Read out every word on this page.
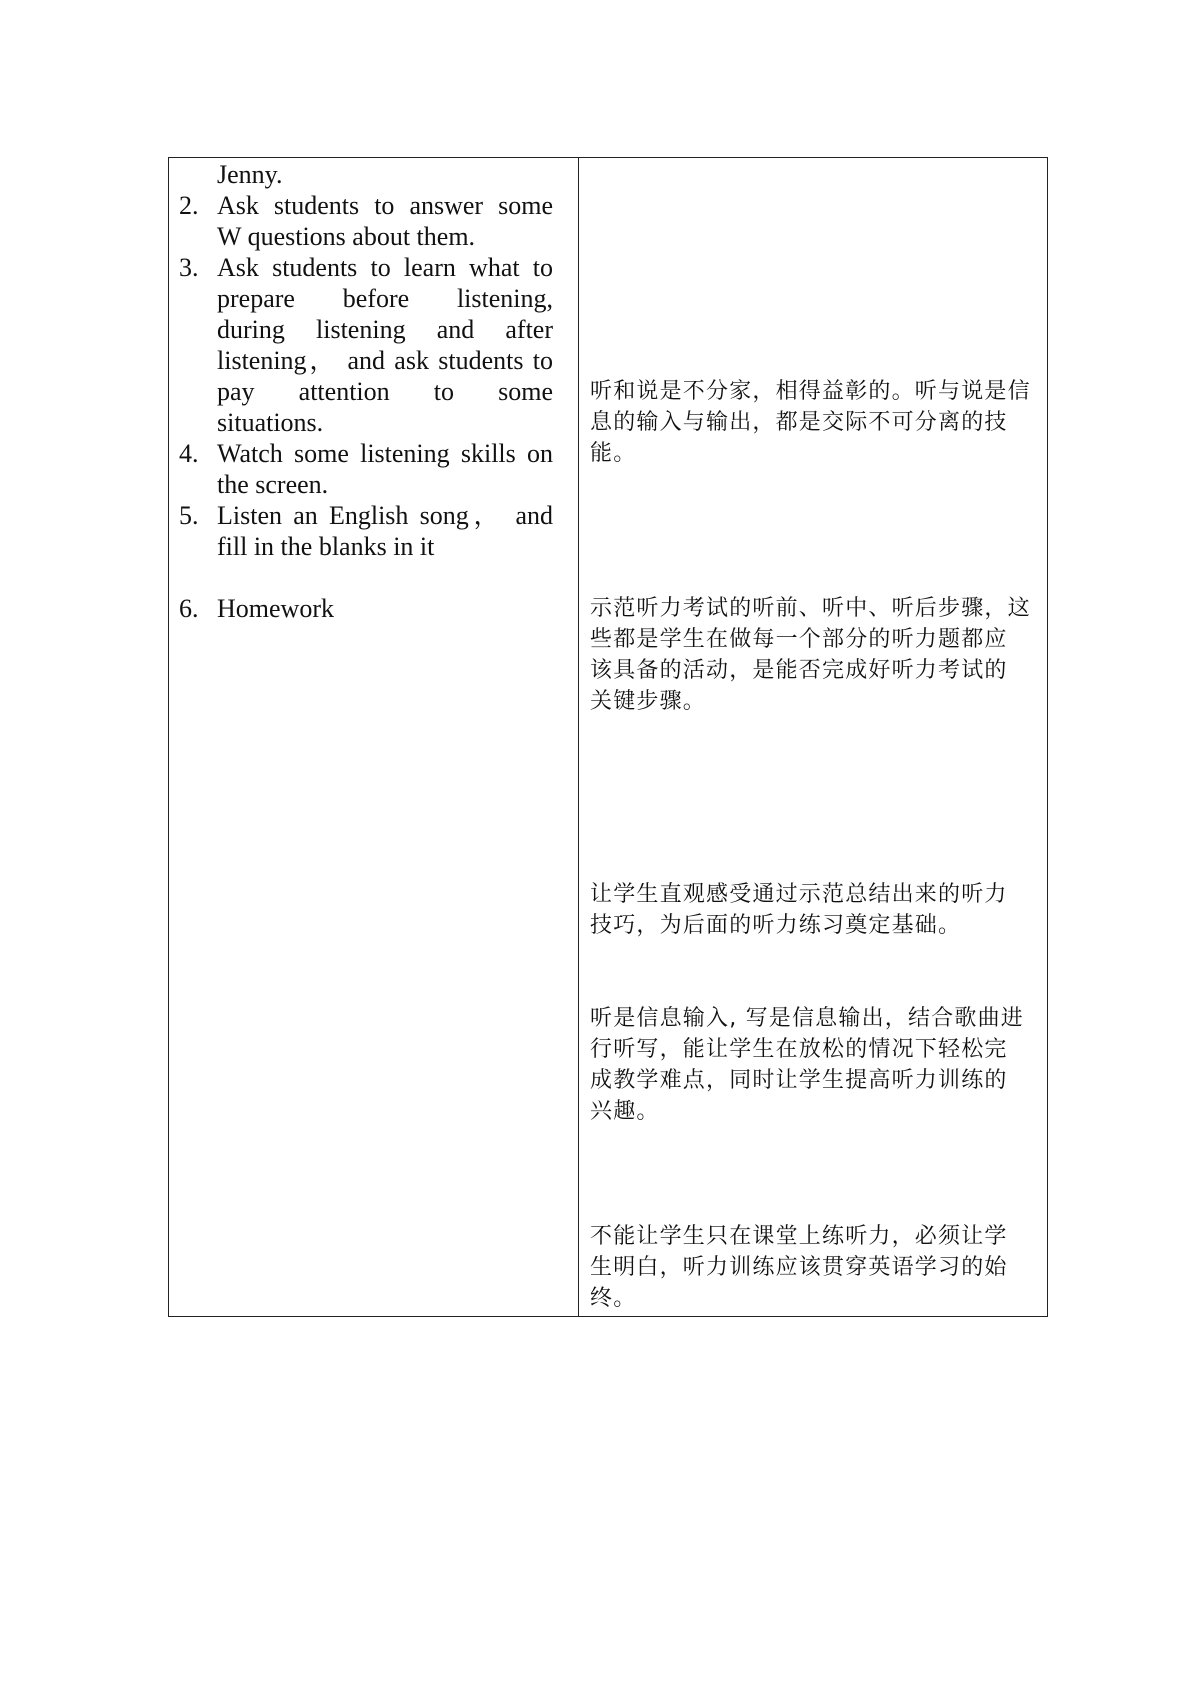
Jenny.
2. Ask students to answer some
W questions about them.
3. Ask students to learn what to
prepare before listening,
during listening and after
listening， and ask students to
pay attention to some
situations.
4. Watch some listening skills on
the screen.
5. Listen an English song， and
fill in the blanks in it
6. Homework
听和说是不分家，相得益彰的。听与说是信
息的输入与输出，都是交际不可分离的技
能。
示范听力考试的听前、听中、听后步骤，这
些都是学生在做每一个部分的听力题都应
该具备的活动，是能否完成好听力考试的
关键步骤。
让学生直观感受通过示范总结出来的听力
技巧，为后面的听力练习奠定基础。
听是信息输入, 写是信息输出，结合歌曲进
行听写，能让学生在放松的情况下轻松完
成教学难点，同时让学生提高听力训练的
兴趣。
不能让学生只在课堂上练听力，必须让学
生明白，听力训练应该贯穿英语学习的始
终。
